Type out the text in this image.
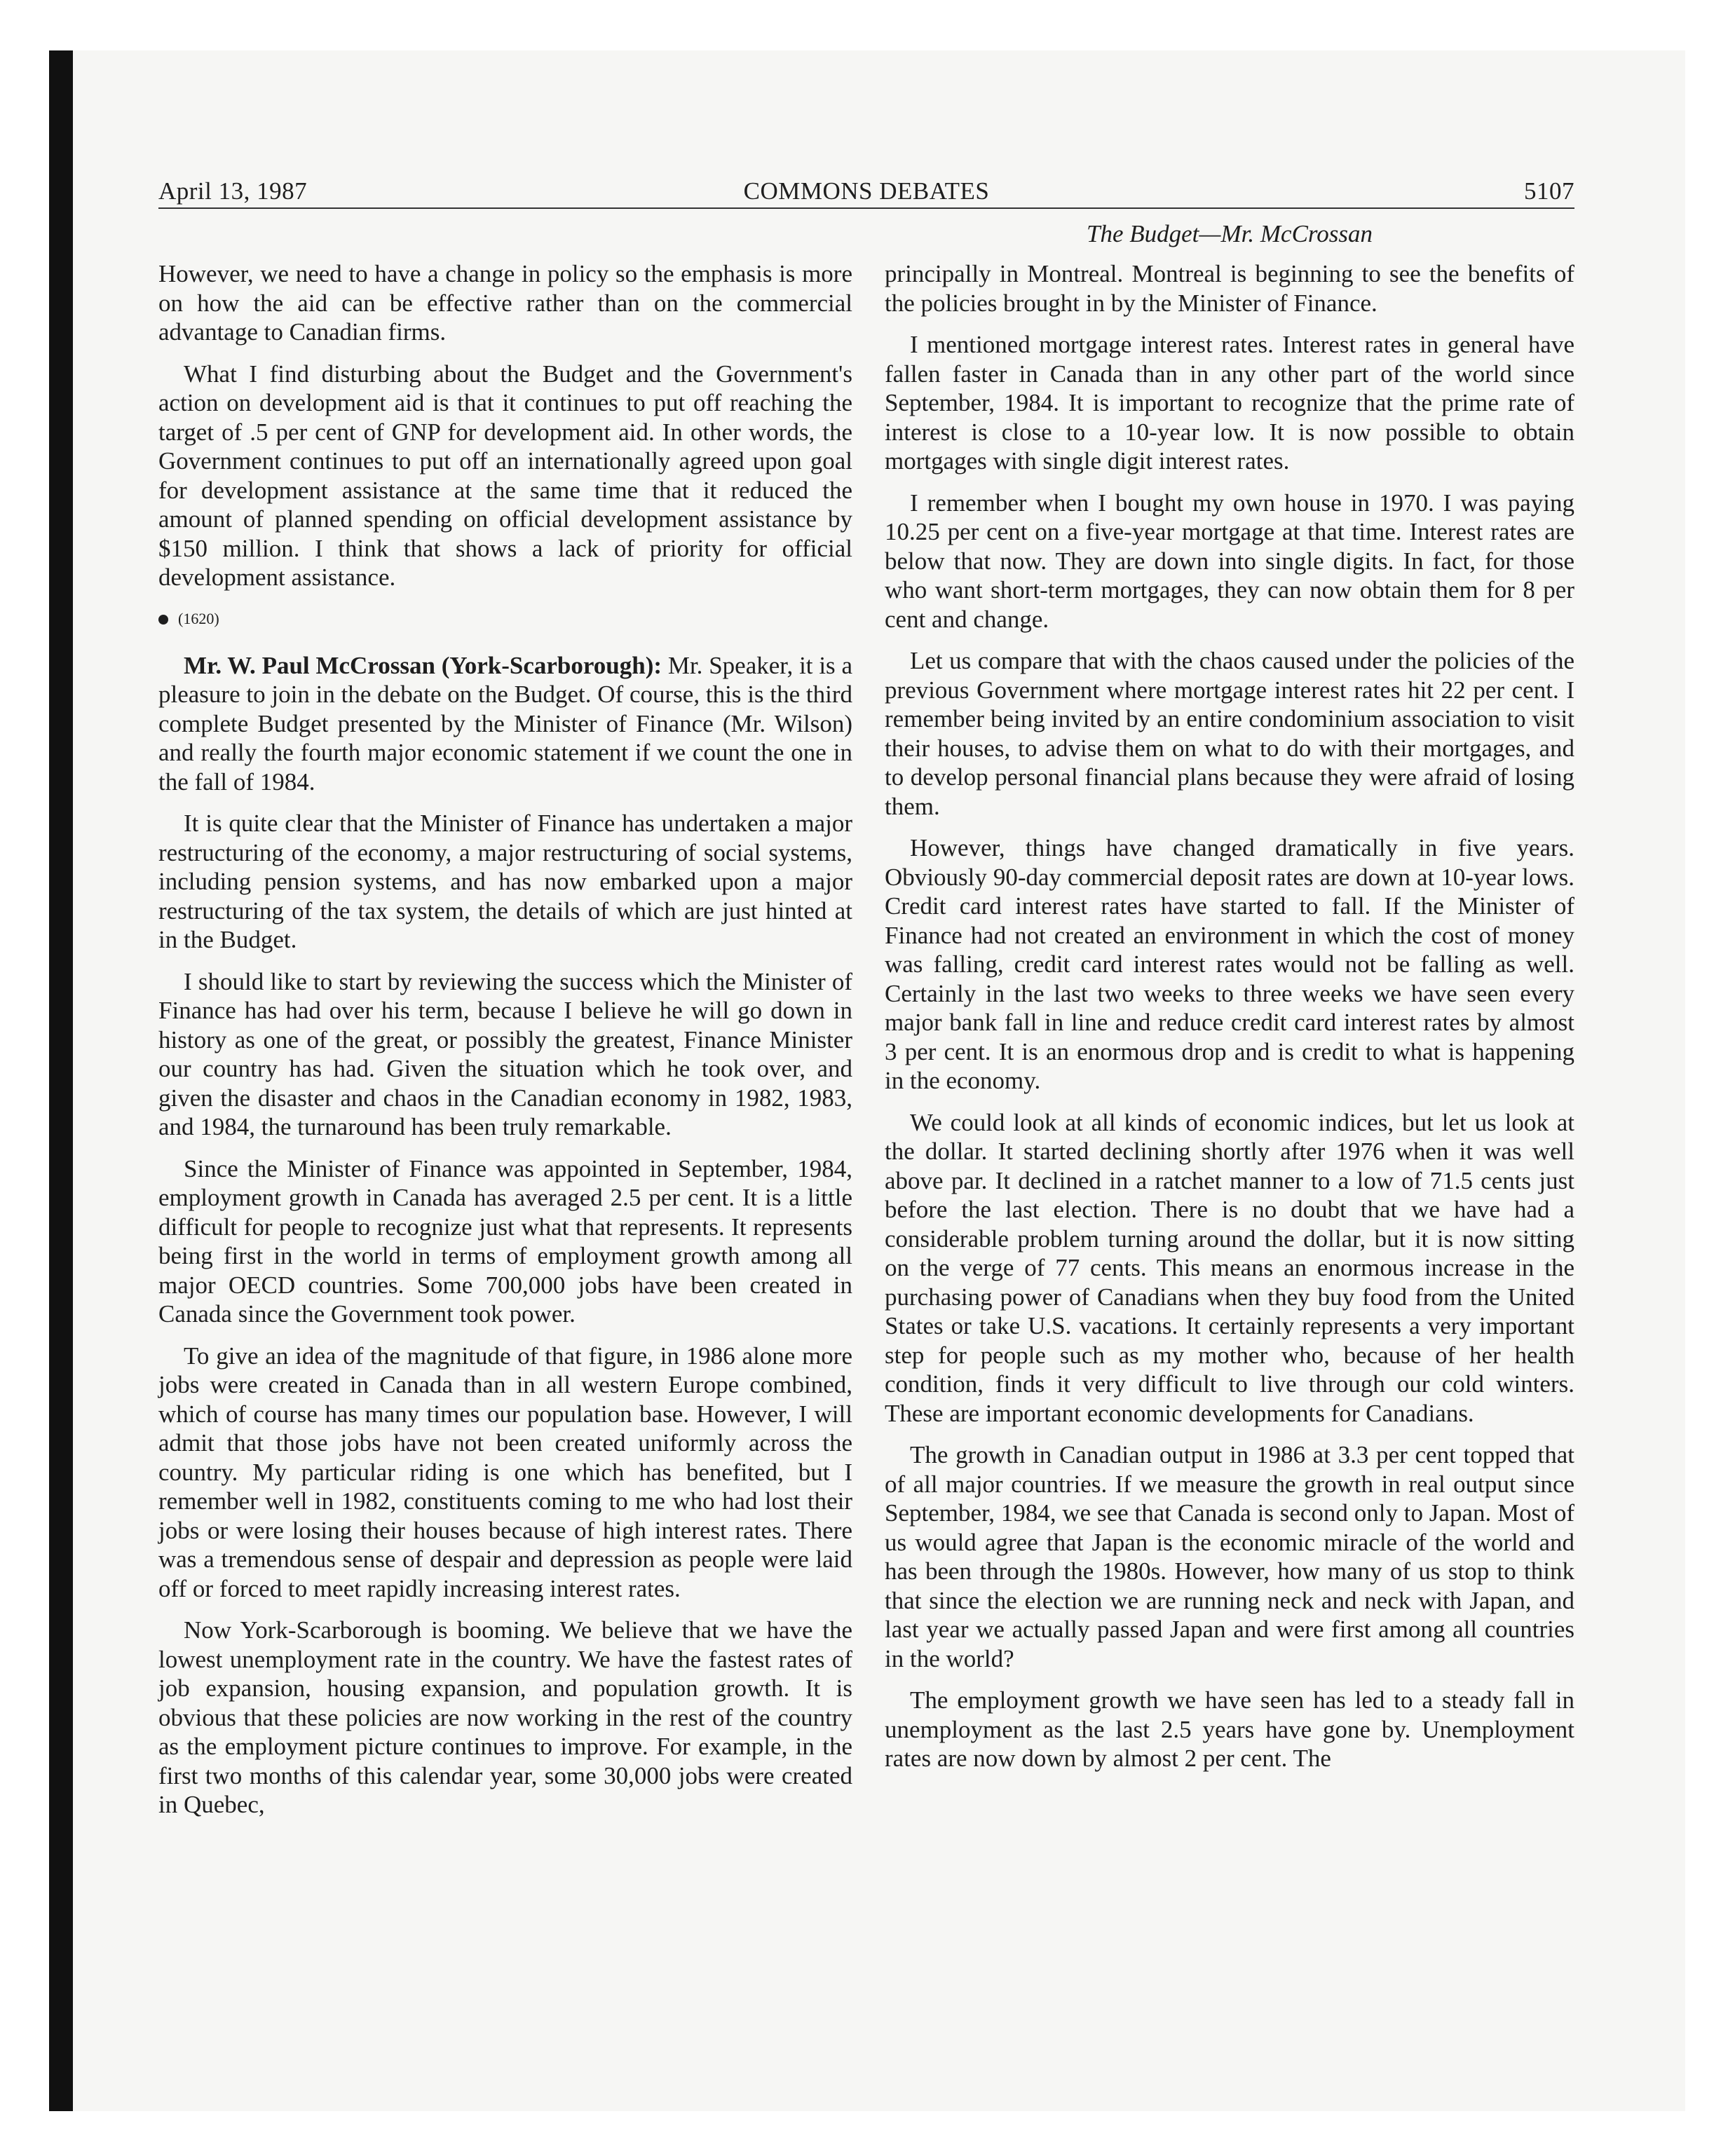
April 13, 1987	COMMONS DEBATES	5107

However, we need to have a change in policy so the emphasis is more on how the aid can be effective rather than on the commercial advantage to Canadian firms.

What I find disturbing about the Budget and the Government's action on development aid is that it continues to put off reaching the target of .5 per cent of GNP for development aid. In other words, the Government continues to put off an internationally agreed upon goal for development assistance at the same time that it reduced the amount of planned spending on official development assistance by $150 million. I think that shows a lack of priority for official development assistance.

(1620)

Mr. W. Paul McCrossan (York-Scarborough): Mr. Speaker, it is a pleasure to join in the debate on the Budget. Of course, this is the third complete Budget presented by the Minister of Finance (Mr. Wilson) and really the fourth major economic statement if we count the one in the fall of 1984.

It is quite clear that the Minister of Finance has undertaken a major restructuring of the economy, a major restructuring of social systems, including pension systems, and has now embarked upon a major restructuring of the tax system, the details of which are just hinted at in the Budget.

I should like to start by reviewing the success which the Minister of Finance has had over his term, because I believe he will go down in history as one of the great, or possibly the greatest, Finance Minister our country has had. Given the situation which he took over, and given the disaster and chaos in the Canadian economy in 1982, 1983, and 1984, the turnaround has been truly remarkable.

Since the Minister of Finance was appointed in September, 1984, employment growth in Canada has averaged 2.5 per cent. It is a little difficult for people to recognize just what that represents. It represents being first in the world in terms of employment growth among all major OECD countries. Some 700,000 jobs have been created in Canada since the Government took power.

To give an idea of the magnitude of that figure, in 1986 alone more jobs were created in Canada than in all western Europe combined, which of course has many times our population base. However, I will admit that those jobs have not been created uniformly across the country. My particular riding is one which has benefited, but I remember well in 1982, constituents coming to me who had lost their jobs or were losing their houses because of high interest rates. There was a tremendous sense of despair and depression as people were laid off or forced to meet rapidly increasing interest rates.

Now York-Scarborough is booming. We believe that we have the lowest unemployment rate in the country. We have the fastest rates of job expansion, housing expansion, and population growth. It is obvious that these policies are now working in the rest of the country as the employment picture continues to improve. For example, in the first two months of this calendar year, some 30,000 jobs were created in Quebec,

The Budget—Mr. McCrossan

principally in Montreal. Montreal is beginning to see the benefits of the policies brought in by the Minister of Finance.

I mentioned mortgage interest rates. Interest rates in general have fallen faster in Canada than in any other part of the world since September, 1984. It is important to recognize that the prime rate of interest is close to a 10-year low. It is now possible to obtain mortgages with single digit interest rates.

I remember when I bought my own house in 1970. I was paying 10.25 per cent on a five-year mortgage at that time. Interest rates are below that now. They are down into single digits. In fact, for those who want short-term mortgages, they can now obtain them for 8 per cent and change.

Let us compare that with the chaos caused under the policies of the previous Government where mortgage interest rates hit 22 per cent. I remember being invited by an entire condominium association to visit their houses, to advise them on what to do with their mortgages, and to develop personal financial plans because they were afraid of losing them.

However, things have changed dramatically in five years. Obviously 90-day commercial deposit rates are down at 10-year lows. Credit card interest rates have started to fall. If the Minister of Finance had not created an environment in which the cost of money was falling, credit card interest rates would not be falling as well. Certainly in the last two weeks to three weeks we have seen every major bank fall in line and reduce credit card interest rates by almost 3 per cent. It is an enormous drop and is credit to what is happening in the economy.

We could look at all kinds of economic indices, but let us look at the dollar. It started declining shortly after 1976 when it was well above par. It declined in a ratchet manner to a low of 71.5 cents just before the last election. There is no doubt that we have had a considerable problem turning around the dollar, but it is now sitting on the verge of 77 cents. This means an enormous increase in the purchasing power of Canadians when they buy food from the United States or take U.S. vacations. It certainly represents a very important step for people such as my mother who, because of her health condition, finds it very difficult to live through our cold winters. These are important economic developments for Canadians.

The growth in Canadian output in 1986 at 3.3 per cent topped that of all major countries. If we measure the growth in real output since September, 1984, we see that Canada is second only to Japan. Most of us would agree that Japan is the economic miracle of the world and has been through the 1980s. However, how many of us stop to think that since the election we are running neck and neck with Japan, and last year we actually passed Japan and were first among all countries in the world?

The employment growth we have seen has led to a steady fall in unemployment as the last 2.5 years have gone by. Unemployment rates are now down by almost 2 per cent. The
